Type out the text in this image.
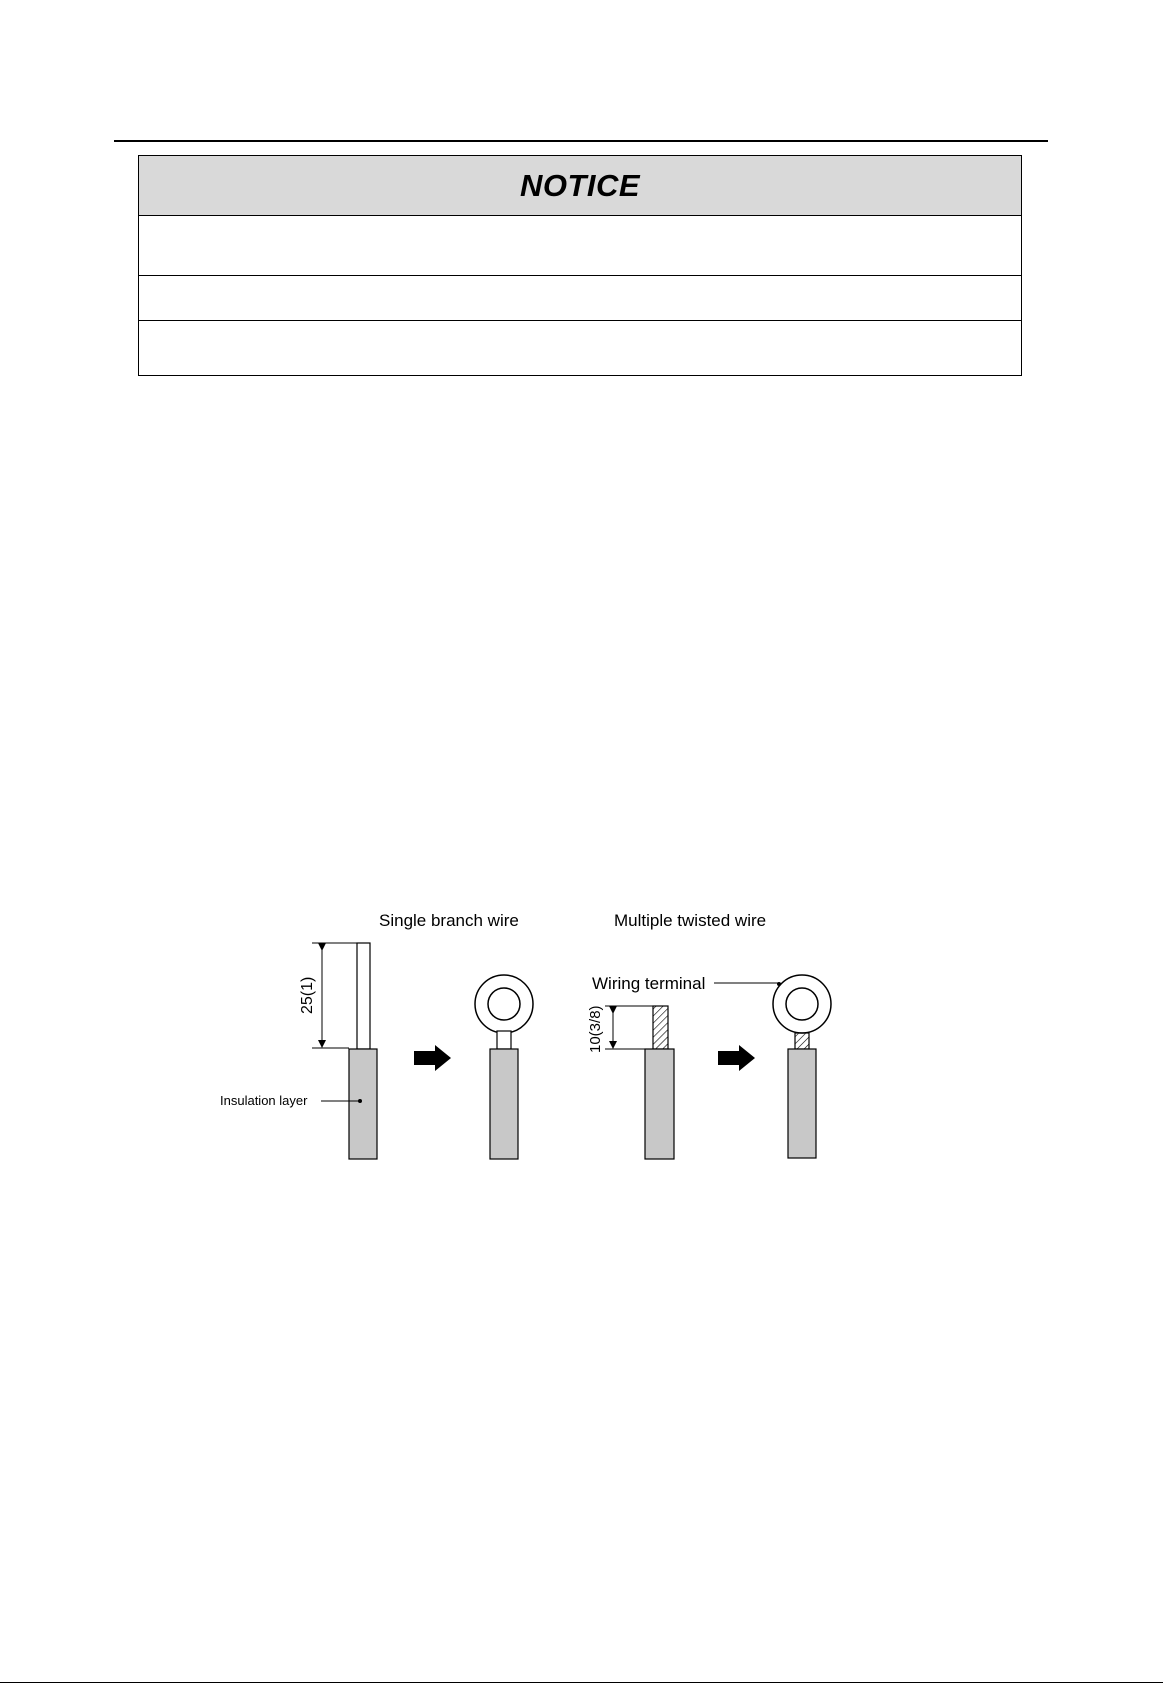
NOTICE
Single branch wire	Multiple twisted wire
Wiring terminal
Insulation layer
25(1)
10(3/8)
